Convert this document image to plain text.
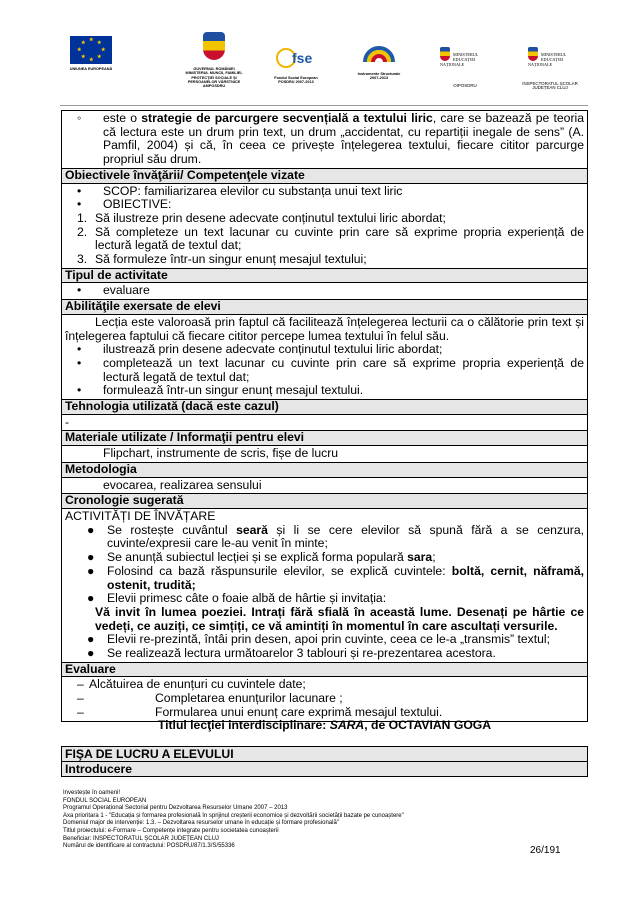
★ ★
★
★
★
★
★
★
UNIUNEA EUROPEANĂ	GUVERNUL ROMÂNIEI
MINISTERUL MUNCII, FAMILIEI,
PROTECȚIEI SOCIALE ȘI
PERSOANELOR VÂRSTNICE
AMPOSDRU

fse

Fondul Social European
POSDRU 2007-2013

Instrumente Structurale
2007-2013

MINISTERUL
EDUCAȚIEI
NAȚIONALE

OIPOSDRU

MINISTERUL
EDUCAȚIEI
NAȚIONALE

INSPECTORATUL ȘCOLAR
JUDEȚEAN CLUJ
◦	este o strategie de parcurgere secvențială a textului liric, care se bazează pe teoria că lectura este un drum prin text, un drum „accidentat, cu repartiții inegale de sens” (A. Pamfil, 2004) și că, în ceea ce privește înțelegerea textului, fiecare cititor parcurge propriul său drum.
Obiectivele învăţării/ Competenţele vizate
•	SCOP: familiarizarea elevilor cu substanța unui text liric
•	OBIECTIVE:
1. Să ilustreze prin desene adecvate conținutul textului liric abordat;
2. Să completeze un text lacunar cu cuvinte prin care să exprime propria experiență de lectură legată de textul dat;
3. Să formuleze într-un singur enunț mesajul textului;
Tipul de activitate
•	evaluare
Abilităţile exersate de elevi
Lecția este valoroasă prin faptul că facilitează înțelegerea lecturii ca o călătorie prin text și înțelegerea faptului că fiecare cititor percepe lumea textului în felul său.
•	ilustrează prin desene adecvate conținutul textului liric abordat;
•	completează un text lacunar cu cuvinte prin care să exprime propria experiență de lectură legată de textul dat;
•	formulează într-un singur enunț mesajul textului.
Tehnologia utilizată (dacă este cazul)
-
Materiale utilizate / Informaţii pentru elevi
Flipchart, instrumente de scris, fișe de lucru
Metodologia
evocarea, realizarea sensului
Cronologie sugerată
ACTIVITĂȚI DE ÎNVĂȚARE
●	Se rostește cuvântul seară și li se cere elevilor să spună fără a se cenzura, cuvinte/expresii care le-au venit în minte;
●	Se anunță subiectul lecției și se explică forma populară sara;
●	Folosind ca bază răspunsurile elevilor, se explică cuvintele: boltă, cernit, năframă, ostenit, trudită;
●	Elevii primesc câte o foaie albă de hârtie și invitația:
Vă invit în lumea poeziei. Intrați fără sfială în această lume. Desenați pe hârtie ce vedeți, ce auziți, ce simțiți, ce vă amintiți în momentul în care ascultați versurile.
●	Elevii re-prezintă, întâi prin desen, apoi prin cuvinte, ceea ce le-a „transmis” textul;
●	Se realizează lectura următoarelor 3 tablouri și re-prezentarea acestora.
Evaluare
– Alcătuirea de enunțuri cu cuvintele date;
–	Completarea enunțurilor lacunare ;
–	Formularea unui enunț care exprimă mesajul textului.
Titlul lecţiei interdisciplinare: SARA, de OCTAVIAN GOGA
FIŞA DE LUCRU A ELEVULUI
Introducere
Investește în oameni!
FONDUL SOCIAL EUROPEAN
Programul Operațional Sectorial pentru Dezvoltarea Resurselor Umane 2007 – 2013
Axa prioritara 1 - "Educația și formarea profesională în sprijinul creșterii economice și dezvoltării societății bazate pe cunoaștere"
Domeniul major de intervenție: 1.3. – Dezvoltarea resurselor umane în educație și formare profesională"
Titlul proiectului: e-Formare – Competențe integrate pentru societatea cunoașterii
Beneficiar: INSPECTORATUL ȘCOLAR JUDEȚEAN CLUJ
Numărul de identificare al contractului: POSDRU/87/1.3/S/55336	26/191
